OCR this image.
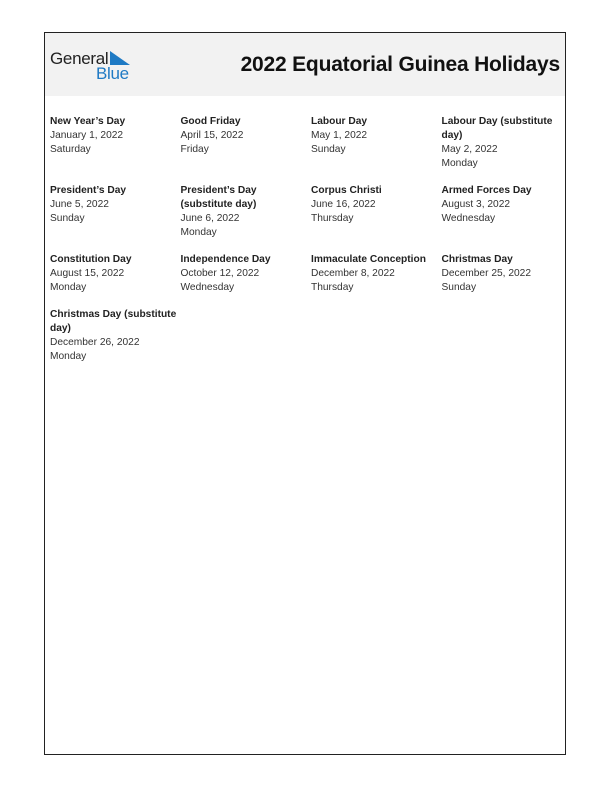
General
Blue	2022 Equatorial Guinea Holidays
New Year’s Day
January 1, 2022
Saturday
Good Friday
April 15, 2022
Friday
Labour Day
May 1, 2022
Sunday
Labour Day (substitute day)
May 2, 2022
Monday
President’s Day
June 5, 2022
Sunday
President’s Day (substitute day)
June 6, 2022
Monday
Corpus Christi
June 16, 2022
Thursday
Armed Forces Day
August 3, 2022
Wednesday
Constitution Day
August 15, 2022
Monday
Independence Day
October 12, 2022
Wednesday
Immaculate Conception
December 8, 2022
Thursday
Christmas Day
December 25, 2022
Sunday
Christmas Day (substitute day)
December 26, 2022
Monday
